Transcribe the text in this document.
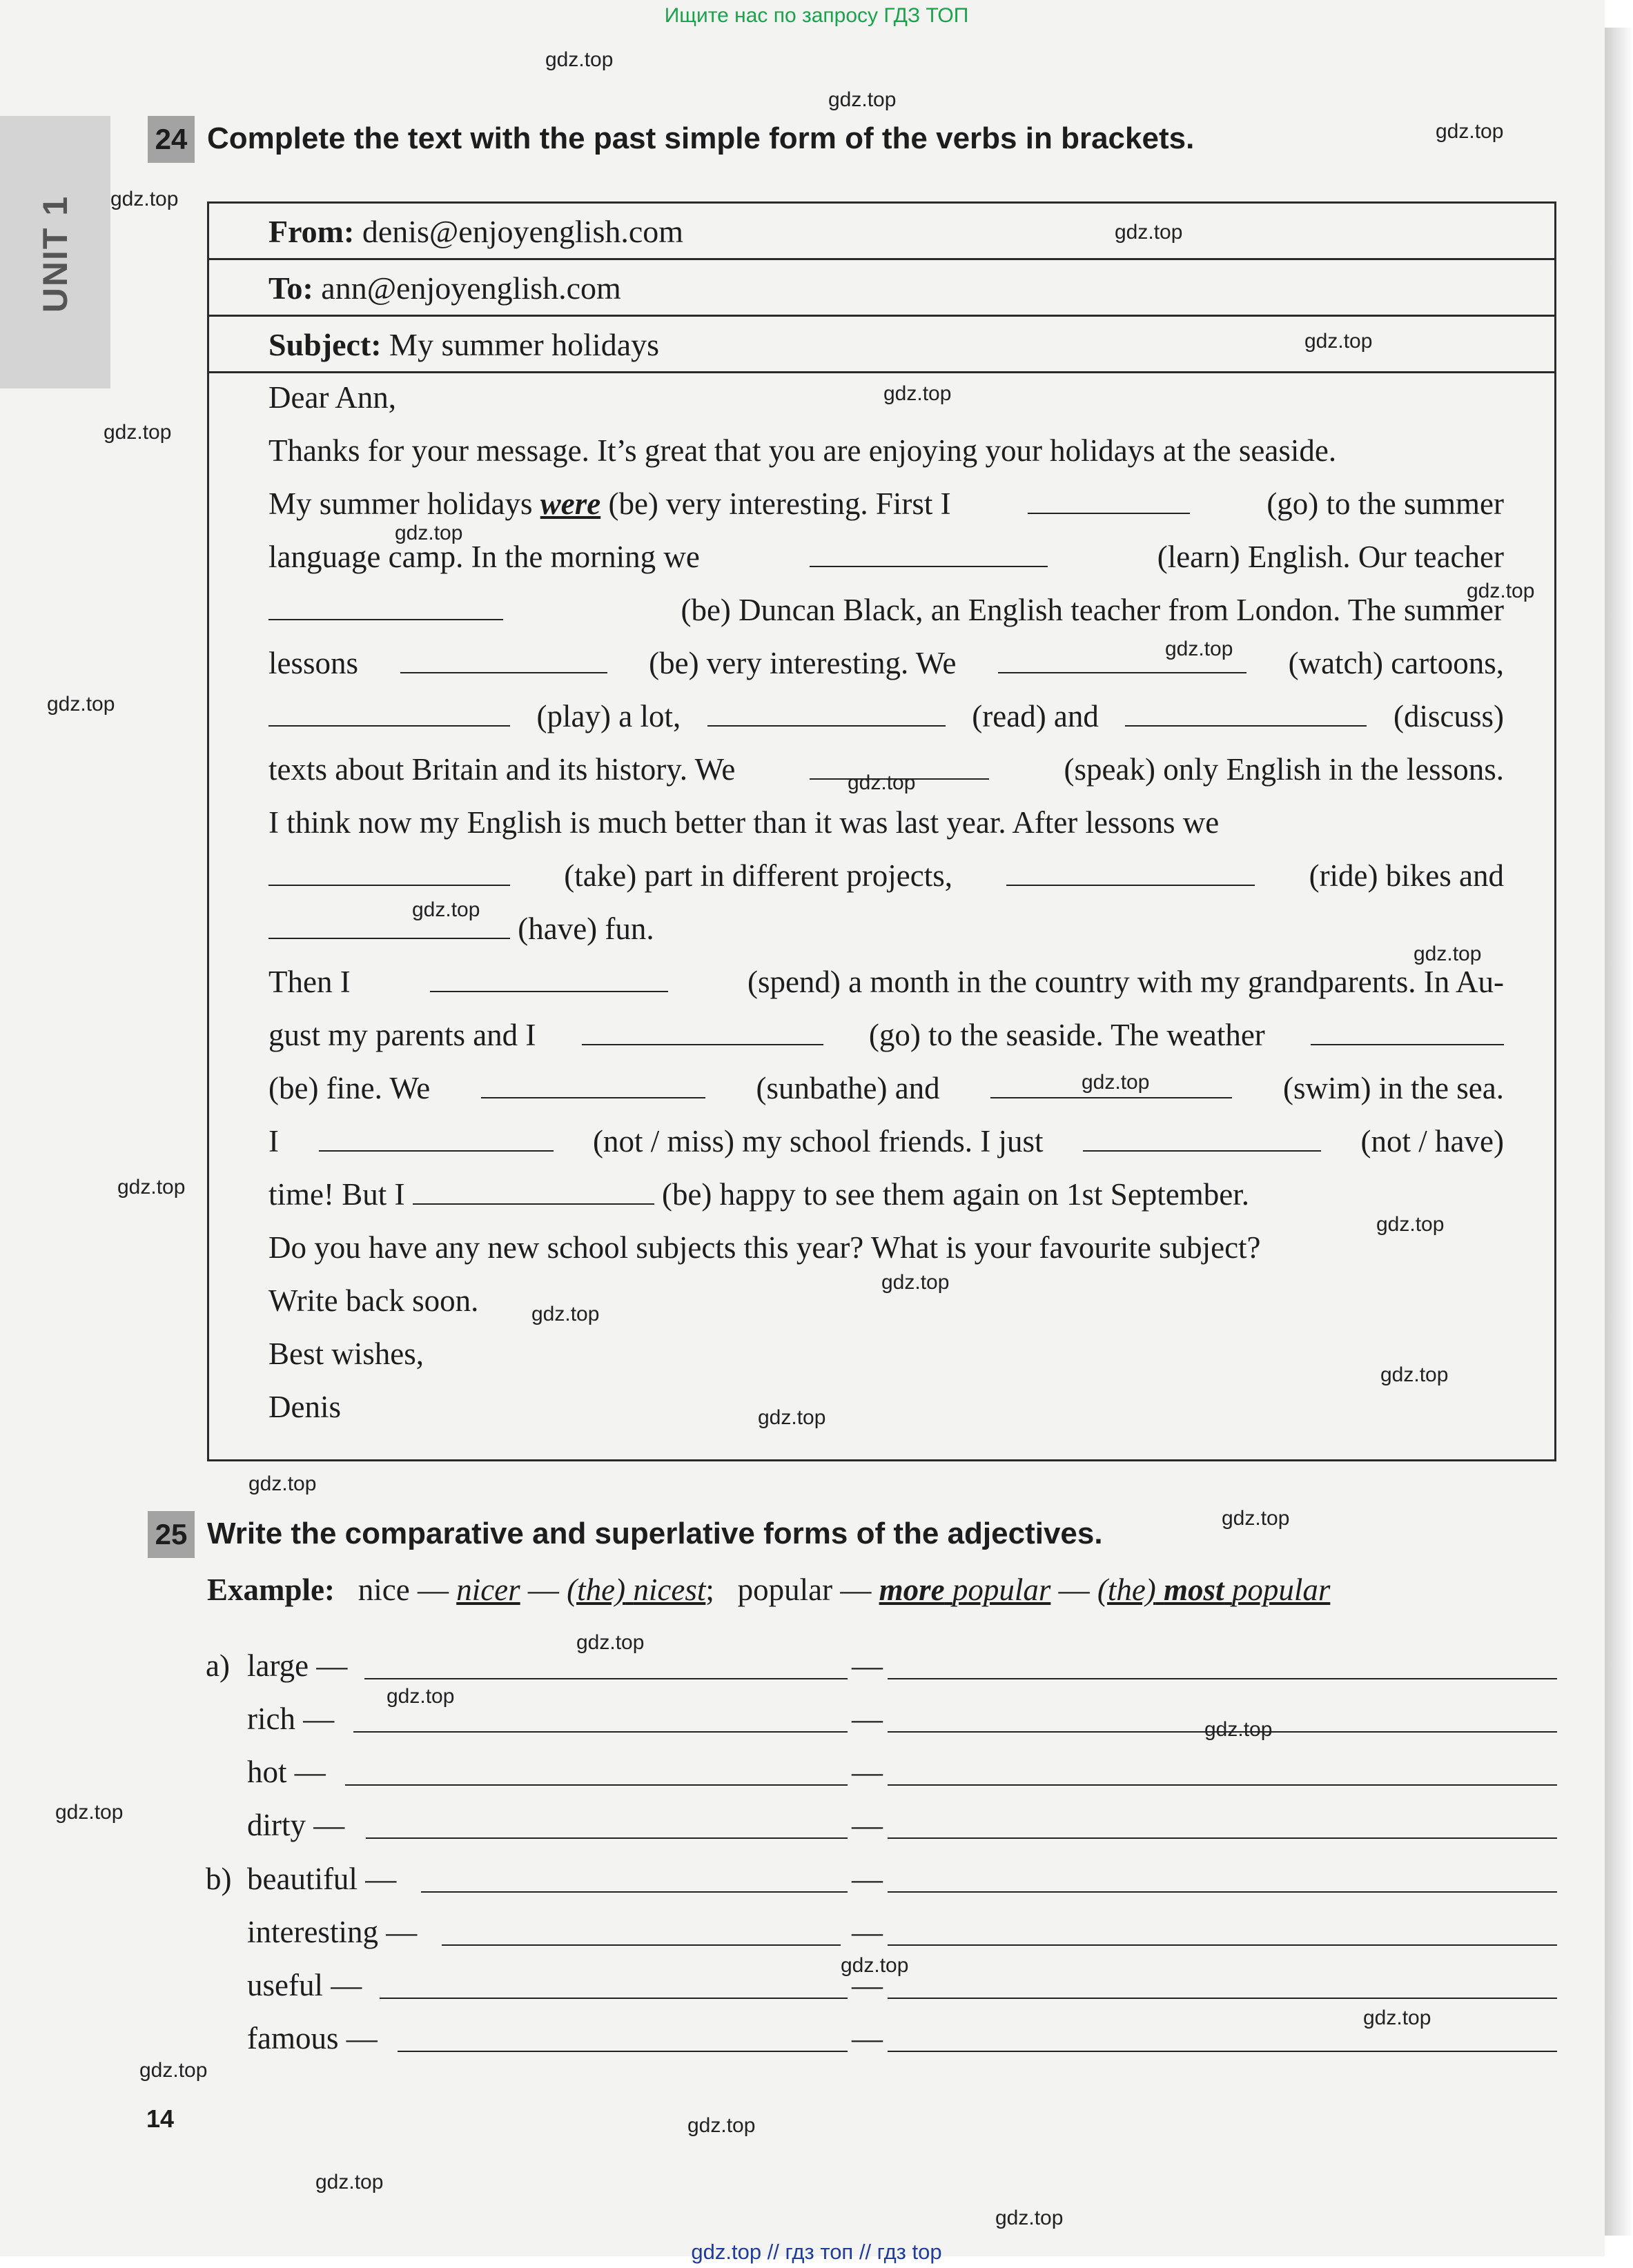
Ищите нас по запросу ГДЗ ТОП
UNIT 1
24 Complete the text with the past simple form of the verbs in brackets.
From: denis@enjoyenglish.com
To: ann@enjoyenglish.com
Subject: My summer holidays
Dear Ann,
Thanks for your message. It’s great that you are enjoying your holidays at the seaside.
My summer holidays were (be) very interesting. First I	(go) to the summer
language camp. In the morning we	(learn) English. Our teacher
(be) Duncan Black, an English teacher from London. The summer
lessons	(be) very interesting. We	(watch) cartoons,
(play) a lot,	(read) and	(discuss)
texts about Britain and its history. We	(speak) only English in the lessons.
I think now my English is much better than it was last year. After lessons we
(take) part in different projects,	(ride) bikes and
(have) fun.
Then I	(spend) a month in the country with my grandparents. In Au-
gust my parents and I	(go) to the seaside. The weather
(be) fine. We	(sunbathe) and	(swim) in the sea.
I	(not / miss) my school friends. I just	(not / have)
time! But I	(be) happy to see them again on 1st September.
Do you have any new school subjects this year? What is your favourite subject?
Write back soon.
Best wishes,
Denis
25 Write the comparative and superlative forms of the adjectives.
Example: nice — nicer — (the) nicest; popular — more popular — (the) most popular
a)
b)
large —	—
rich —	—
hot —	—
dirty —	—
beautiful —	—
interesting —	—
useful —	—
famous —	—
14
gdz.top
gdz.top
gdz.top
gdz.top
gdz.top
gdz.top
gdz.top
gdz.top
gdz.top
gdz.top
gdz.top
gdz.top
gdz.top
gdz.top
gdz.top
gdz.top
gdz.top
gdz.top
gdz.top
gdz.top
gdz.top
gdz.top
gdz.top
gdz.top
gdz.top
gdz.top
gdz.top
gdz.top
gdz.top
gdz.top
gdz.top
gdz.top
gdz.top
gdz.top
gdz.top // гдз топ // гдз top
